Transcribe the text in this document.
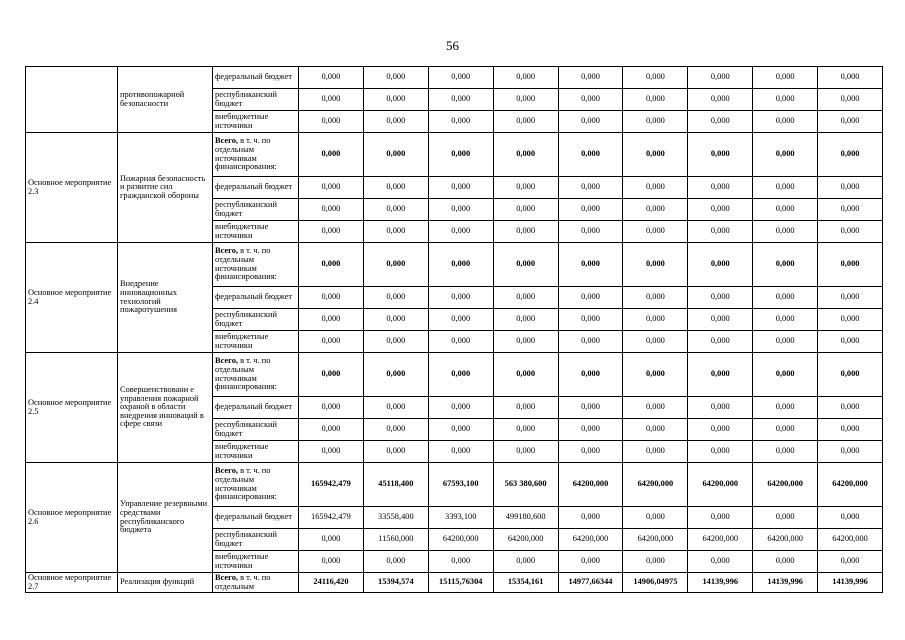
56
	противопожарной безопасности	федеральный бюджет	0,000	0,000	0,000	0,000	0,000	0,000	0,000	0,000	0,000
		республиканский бюджет	0,000	0,000	0,000	0,000	0,000	0,000	0,000	0,000	0,000
		внебюджетные источники	0,000	0,000	0,000	0,000	0,000	0,000	0,000	0,000	0,000
Основное мероприятие 2.3	Пожарная безопасность и развитие сил гражданской обороны	Всего, в т. ч. по отдельным источникам финансирования:	0,000	0,000	0,000	0,000	0,000	0,000	0,000	0,000	0,000
		федеральный бюджет	0,000	0,000	0,000	0,000	0,000	0,000	0,000	0,000	0,000
		республиканский бюджет	0,000	0,000	0,000	0,000	0,000	0,000	0,000	0,000	0,000
		внебюджетные источники	0,000	0,000	0,000	0,000	0,000	0,000	0,000	0,000	0,000
Основное мероприятие 2.4	Внедрение инновационных технологий пожаротушения	Всего, в т. ч. по отдельным источникам финансирования:	0,000	0,000	0,000	0,000	0,000	0,000	0,000	0,000	0,000
		федеральный бюджет	0,000	0,000	0,000	0,000	0,000	0,000	0,000	0,000	0,000
		республиканский бюджет	0,000	0,000	0,000	0,000	0,000	0,000	0,000	0,000	0,000
		внебюджетные источники	0,000	0,000	0,000	0,000	0,000	0,000	0,000	0,000	0,000
Основное мероприятие 2.5	Совершенствовани е управления пожарной охраной в области внедрения инноваций в сфере связи	Всего, в т. ч. по отдельным источникам финансирования:	0,000	0,000	0,000	0,000	0,000	0,000	0,000	0,000	0,000
		федеральный бюджет	0,000	0,000	0,000	0,000	0,000	0,000	0,000	0,000	0,000
		республиканский бюджет	0,000	0,000	0,000	0,000	0,000	0,000	0,000	0,000	0,000
		внебюджетные источники	0,000	0,000	0,000	0,000	0,000	0,000	0,000	0,000	0,000
Основное мероприятие 2.6	Управление резервными средствами республиканского бюджета	Всего, в т. ч. по отдельным источникам финансирования:	165942,479	45118,400	67593,100	563 380,600	64200,000	64200,000	64200,000	64200,000	64200,000
		федеральный бюджет	165942,479	33558,400	3393,100	499180,600	0,000	0,000	0,000	0,000	0,000
		республиканский бюджет	0,000	11560,000	64200,000	64200,000	64200,000	64200,000	64200,000	64200,000	64200,000
		внебюджетные источники	0,000	0,000	0,000	0,000	0,000	0,000	0,000	0,000	0,000
Основное мероприятие 2.7	Реализация функций	Всего, в т. ч. по отдельным	24116,420	15394,574	15115,76304	15354,161	14977,66344	14906,04975	14139,996	14139,996	14139,996
